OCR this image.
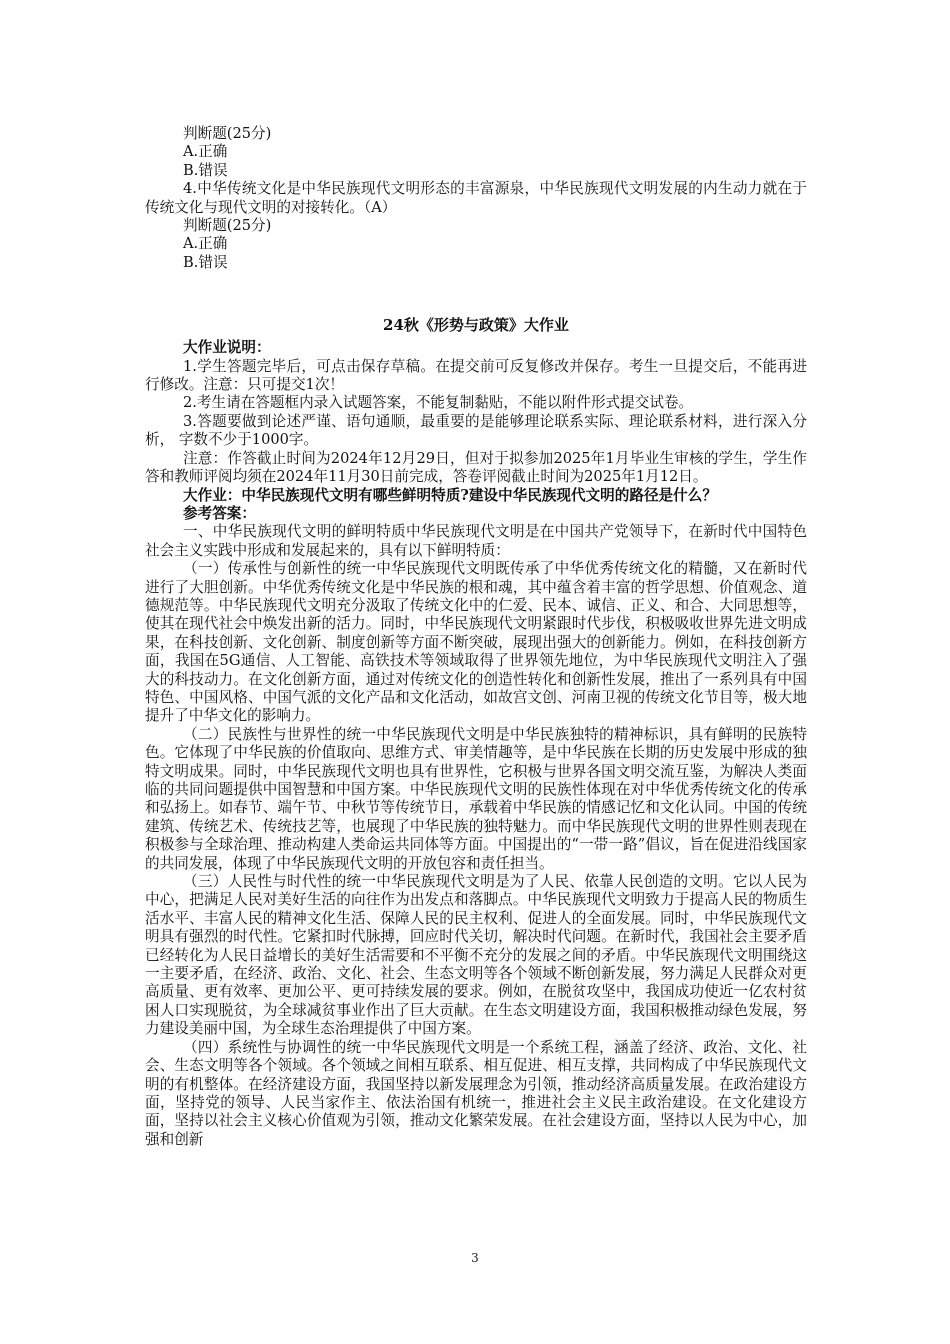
判断题(25分)

A.正确

B.错误

4.中华传统文化是中华民族现代文明形态的丰富源泉，中华民族现代文明发展的内生动力就在于传统文化与现代文明的对接转化。（A）

判断题(25分)

A.正确

B.错误

24秋《形势与政策》大作业

大作业说明：

1.学生答题完毕后，可点击保存草稿。在提交前可反复修改并保存。考生一旦提交后，不能再进行修改。注意：只可提交1次！

2.考生请在答题框内录入试题答案，不能复制黏贴，不能以附件形式提交试卷。

3.答题要做到论述严谨、语句通顺，最重要的是能够理论联系实际、理论联系材料，进行深入分析， 字数不少于1000字。

注意：作答截止时间为2024年12月29日，但对于拟参加2025年1月毕业生审核的学生，学生作答和教师评阅均须在2024年11月30日前完成，答卷评阅截止时间为2025年1月12日。

大作业：中华民族现代文明有哪些鲜明特质?建设中华民族现代文明的路径是什么？

参考答案：

一、中华民族现代文明的鲜明特质中华民族现代文明是在中国共产党领导下，在新时代中国特色社会主义实践中形成和发展起来的，具有以下鲜明特质：

（一）传承性与创新性的统一中华民族现代文明既传承了中华优秀传统文化的精髓，又在新时代进行了大胆创新。中华优秀传统文化是中华民族的根和魂，其中蕴含着丰富的哲学思想、价值观念、道德规范等。中华民族现代文明充分汲取了传统文化中的仁爱、民本、诚信、正义、和合、大同思想等，使其在现代社会中焕发出新的活力。同时，中华民族现代文明紧跟时代步伐，积极吸收世界先进文明成果，在科技创新、文化创新、制度创新等方面不断突破，展现出强大的创新能力。例如，在科技创新方面，我国在5G通信、人工智能、高铁技术等领域取得了世界领先地位，为中华民族现代文明注入了强大的科技动力。在文化创新方面，通过对传统文化的创造性转化和创新性发展，推出了一系列具有中国特色、中国风格、中国气派的文化产品和文化活动，如故宫文创、河南卫视的传统文化节目等，极大地提升了中华文化的影响力。

（二）民族性与世界性的统一中华民族现代文明是中华民族独特的精神标识，具有鲜明的民族特色。它体现了中华民族的价值取向、思维方式、审美情趣等，是中华民族在长期的历史发展中形成的独特文明成果。同时，中华民族现代文明也具有世界性，它积极与世界各国文明交流互鉴，为解决人类面临的共同问题提供中国智慧和中国方案。中华民族现代文明的民族性体现在对中华优秀传统文化的传承和弘扬上。如春节、端午节、中秋节等传统节日，承载着中华民族的情感记忆和文化认同。中国的传统建筑、传统艺术、传统技艺等，也展现了中华民族的独特魅力。而中华民族现代文明的世界性则表现在积极参与全球治理、推动构建人类命运共同体等方面。中国提出的“一带一路”倡议，旨在促进沿线国家的共同发展，体现了中华民族现代文明的开放包容和责任担当。

（三）人民性与时代性的统一中华民族现代文明是为了人民、依靠人民创造的文明。它以人民为中心，把满足人民对美好生活的向往作为出发点和落脚点。中华民族现代文明致力于提高人民的物质生活水平、丰富人民的精神文化生活、保障人民的民主权利、促进人的全面发展。同时，中华民族现代文明具有强烈的时代性。它紧扣时代脉搏，回应时代关切，解决时代问题。在新时代，我国社会主要矛盾已经转化为人民日益增长的美好生活需要和不平衡不充分的发展之间的矛盾。中华民族现代文明围绕这一主要矛盾，在经济、政治、文化、社会、生态文明等各个领域不断创新发展，努力满足人民群众对更高质量、更有效率、更加公平、更可持续发展的要求。例如，在脱贫攻坚中，我国成功使近一亿农村贫困人口实现脱贫，为全球减贫事业作出了巨大贡献。在生态文明建设方面，我国积极推动绿色发展，努力建设美丽中国，为全球生态治理提供了中国方案。

（四）系统性与协调性的统一中华民族现代文明是一个系统工程，涵盖了经济、政治、文化、社会、生态文明等各个领域。各个领域之间相互联系、相互促进、相互支撑，共同构成了中华民族现代文明的有机整体。在经济建设方面，我国坚持以新发展理念为引领，推动经济高质量发展。在政治建设方面，坚持党的领导、人民当家作主、依法治国有机统一，推进社会主义民主政治建设。在文化建设方面，坚持以社会主义核心价值观为引领，推动文化繁荣发展。在社会建设方面，坚持以人民为中心，加强和创新

3
